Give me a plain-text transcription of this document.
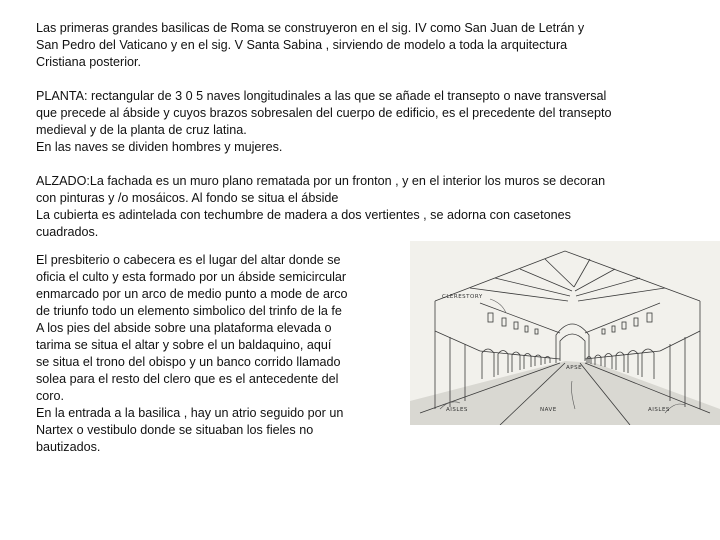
Las primeras grandes basilicas de Roma se construyeron en el sig. IV como San Juan de Letrán y
San Pedro del Vaticano y en el sig. V Santa Sabina , sirviendo de modelo a toda la arquitectura
Cristiana posterior.
PLANTA: rectangular de 3 0 5 naves longitudinales a las que se añade el transepto o nave transversal
que precede al ábside y cuyos brazos sobresalen del cuerpo de edificio, es el precedente del transepto
medieval y de la planta de cruz latina.
En las naves se dividen hombres y mujeres.
ALZADO:La fachada es un muro plano rematada por un fronton , y en el interior los muros se decoran
con pinturas y /o mosáicos. Al fondo se situa el ábside
La cubierta es adintelada con techumbre de madera a dos vertientes , se adorna con casetones
cuadrados.
El presbiterio o cabecera es el lugar del altar donde se
oficia el culto y esta formado por un ábside semicircular
enmarcado por un arco de medio punto a mode de arco
de triunfo todo un elemento simbolico del trinfo de la fe
A los pies del abside sobre una plataforma elevada o
tarima se situa el altar y sobre el un baldaquino, aquí
se situa el trono del obispo y un banco corrido llamado
solea para el resto del clero que es el antecedente del
coro.
En la entrada a la basilica , hay un atrio seguido por un
Nartex o vestibulo donde se situaban los fieles no
bautizados.
CLERESTORY
APSE
AISLES	NAVE	AISLES
